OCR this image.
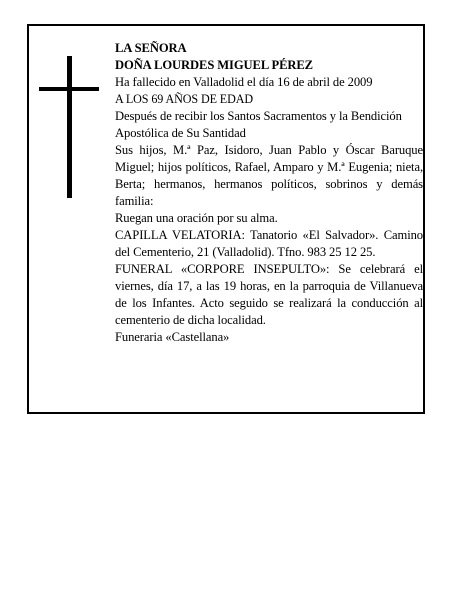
LA SEÑORA

DOÑA LOURDES MIGUEL PÉREZ

Ha fallecido en Valladolid el día 16 de abril de 2009

A LOS 69 AÑOS DE EDAD

Después de recibir los Santos Sacramentos y la Bendición Apostólica de Su Santidad

Sus hijos, M.ª Paz, Isidoro, Juan Pablo y Óscar Baruque Miguel; hijos políticos, Rafael, Amparo y M.ª Eugenia; nieta, Berta; hermanos, hermanos políticos, sobrinos y demás familia:

Ruegan una oración por su alma.

CAPILLA VELATORIA: Tanatorio «El Salvador». Camino del Cementerio, 21 (Valladolid). Tfno. 983 25 12 25.

FUNERAL «CORPORE INSEPULTO»: Se celebrará el viernes, día 17, a las 19 horas, en la parroquia de Villanueva de los Infantes. Acto seguido se realizará la conducción al cementerio de dicha localidad.

Funeraria «Castellana»
